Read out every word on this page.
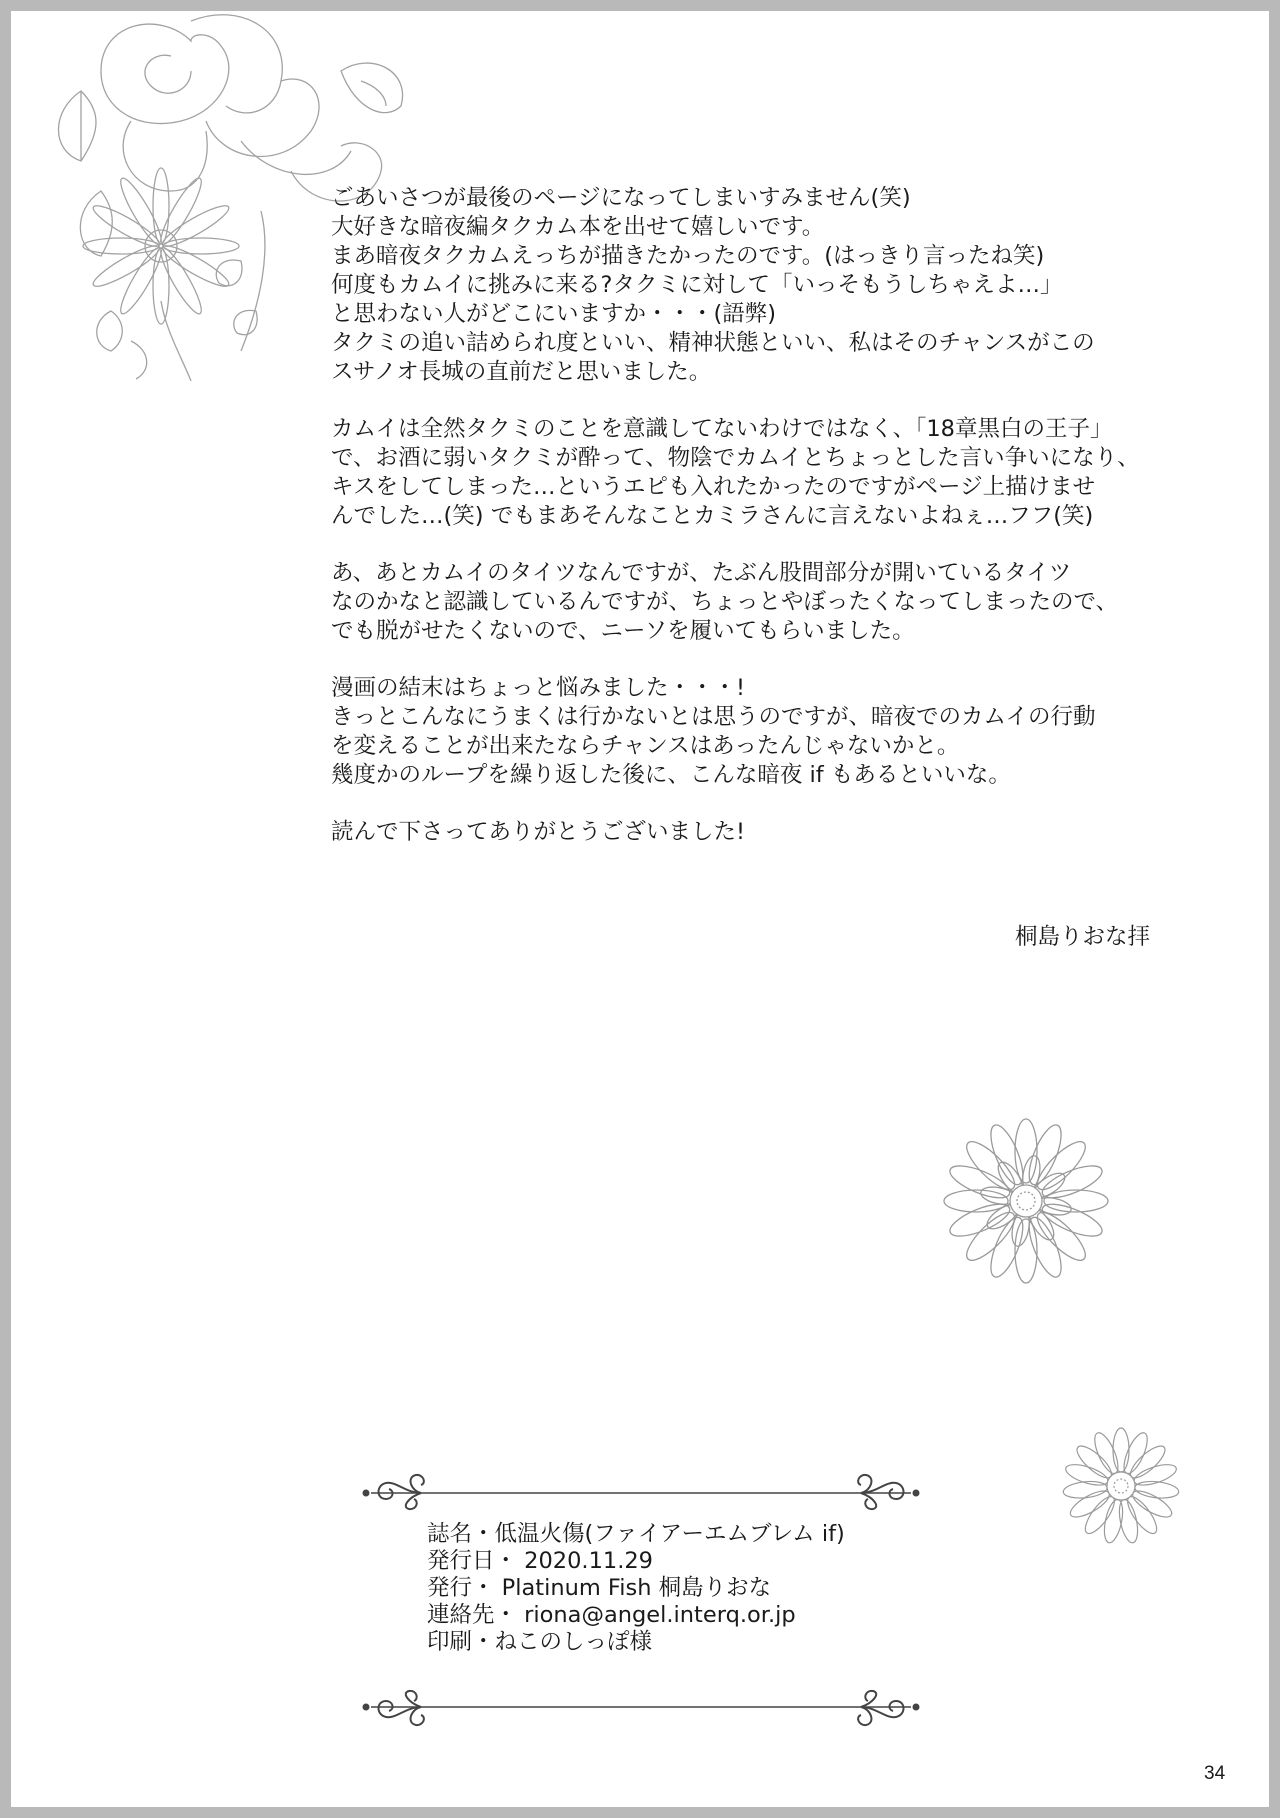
ごあいさつが最後のページになってしまいすみません(笑)
大好きな暗夜編タクカム本を出せて嬉しいです。
まあ暗夜タクカムえっちが描きたかったのです。(はっきり言ったね笑)
何度もカムイに挑みに来る?タクミに対して「いっそもうしちゃえよ…」
と思わない人がどこにいますか・・・(語弊)
タクミの追い詰められ度といい、精神状態といい、私はそのチャンスがこの
スサノオ長城の直前だと思いました。

カムイは全然タクミのことを意識してないわけではなく、「18章黒白の王子」
で、お酒に弱いタクミが酔って、物陰でカムイとちょっとした言い争いになり、
キスをしてしまった…というエピも入れたかったのですがページ上描けませ
んでした…(笑) でもまあそんなことカミラさんに言えないよねぇ…フフ(笑)

あ、あとカムイのタイツなんですが、たぶん股間部分が開いているタイツ
なのかなと認識しているんですが、ちょっとやぼったくなってしまったので、
でも脱がせたくないので、ニーソを履いてもらいました。

漫画の結末はちょっと悩みました・・・!
きっとこんなにうまくは行かないとは思うのですが、暗夜でのカムイの行動
を変えることが出来たならチャンスはあったんじゃないかと。
幾度かのループを繰り返した後に、こんな暗夜 if もあるといいな。

読んで下さってありがとうございました!

桐島りおな拝
誌名・低温火傷(ファイアーエムブレム if)
発行日・ 2020.11.29
発行・ Platinum Fish 桐島りおな
連絡先・ riona@angel.interq.or.jp
印刷・ねこのしっぽ様
34
